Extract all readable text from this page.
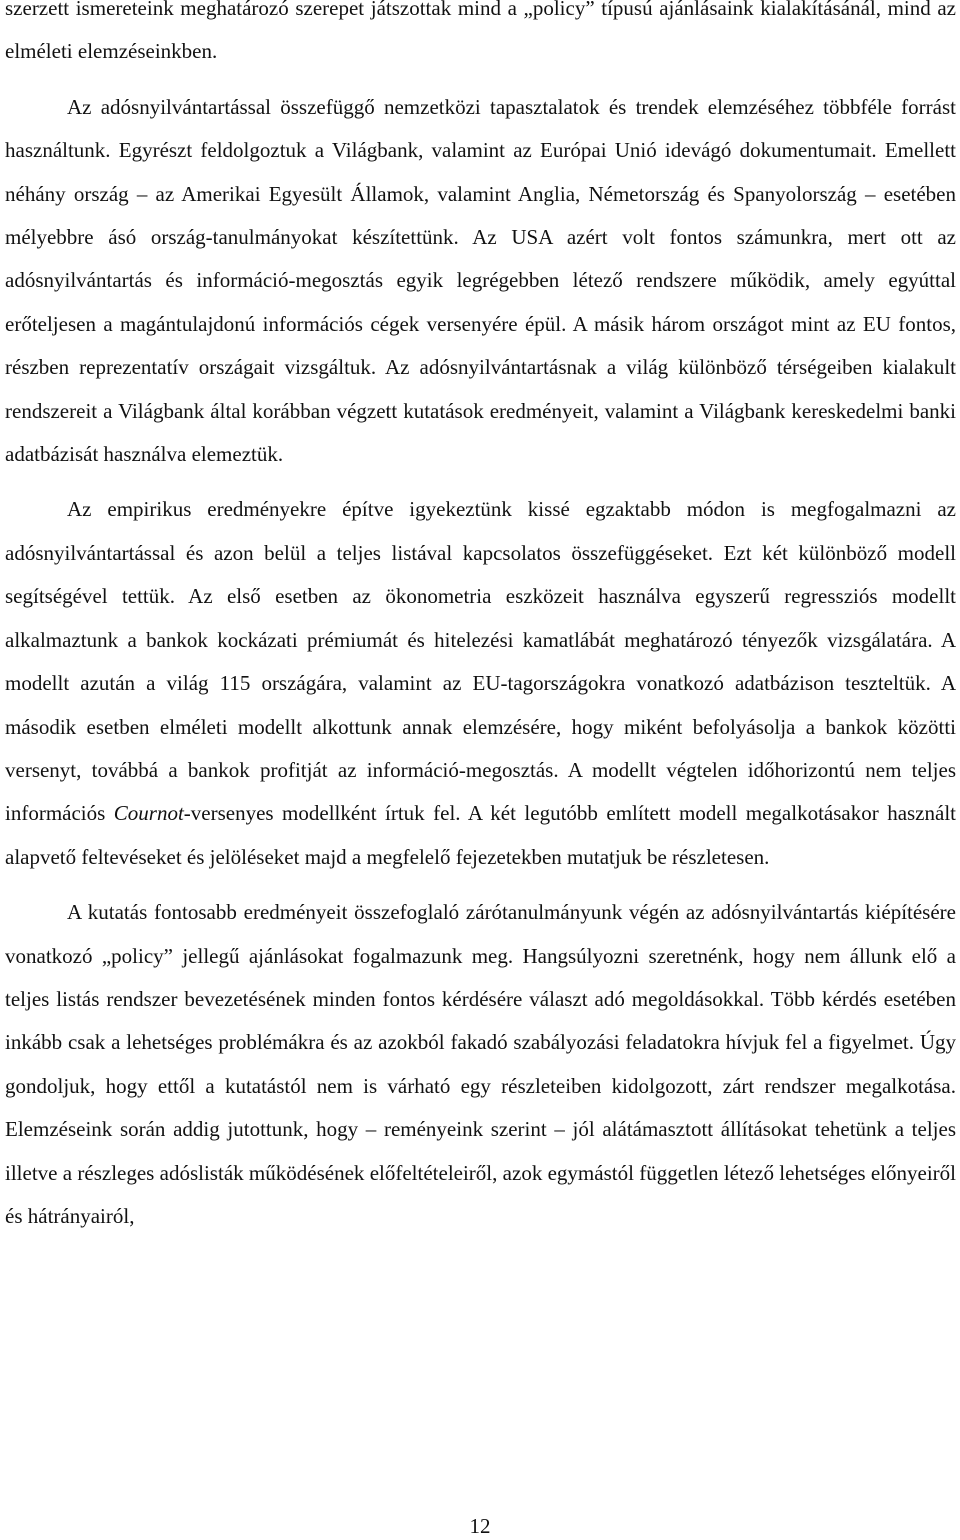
szerzett ismereteink meghatározó szerepet játszottak mind a „policy” típusú ajánlásaink kialakításánál, mind az elméleti elemzéseinkben.

Az adósnyilvántartással összefüggő nemzetközi tapasztalatok és trendek elemzéséhez többféle forrást használtunk. Egyrészt feldolgoztuk a Világbank, valamint az Európai Unió idevágó dokumentumait. Emellett néhány ország – az Amerikai Egyesült Államok, valamint Anglia, Németország és Spanyolország – esetében mélyebbre ásó ország-tanulmányokat készítettünk. Az USA azért volt fontos számunkra, mert ott az adósnyilvántartás és információ-megosztás egyik legrégebben létező rendszere működik, amely egyúttal erőteljesen a magántulajdonú információs cégek versenyére épül. A másik három országot mint az EU fontos, részben reprezentatív országait vizsgáltuk. Az adósnyilvántartásnak a világ különböző térségeiben kialakult rendszereit a Világbank által korábban végzett kutatások eredményeit, valamint a Világbank kereskedelmi banki adatbázisát használva elemeztük.

Az empirikus eredményekre építve igyekeztünk kissé egzaktabb módon is megfogalmazni az adósnyilvántartással és azon belül a teljes listával kapcsolatos összefüggéseket. Ezt két különböző modell segítségével tettük. Az első esetben az ökonometria eszközeit használva egyszerű regressziós modellt alkalmaztunk a bankok kockázati prémiumát és hitelezési kamatlábát meghatározó tényezők vizsgálatára. A modellt azután a világ 115 országára, valamint az EU-tagországokra vonatkozó adatbázison teszteltük. A második esetben elméleti modellt alkottunk annak elemzésére, hogy miként befolyásolja a bankok közötti versenyt, továbbá a bankok profitját az információ-megosztás. A modellt végtelen időhorizontú nem teljes információs Cournot-versenyes modellként írtuk fel. A két legutóbb említett modell megalkotásakor használt alapvető feltevéseket és jelöléseket majd a megfelelő fejezetekben mutatjuk be részletesen.

A kutatás fontosabb eredményeit összefoglaló zárótanulmányunk végén az adósnyilvántartás kiépítésére vonatkozó „policy” jellegű ajánlásokat fogalmazunk meg. Hangsúlyozni szeretnénk, hogy nem állunk elő a teljes listás rendszer bevezetésének minden fontos kérdésére választ adó megoldásokkal. Több kérdés esetében inkább csak a lehetséges problémákra és az azokból fakadó szabályozási feladatokra hívjuk fel a figyelmet. Úgy gondoljuk, hogy ettől a kutatástól nem is várható egy részleteiben kidolgozott, zárt rendszer megalkotása. Elemzéseink során addig jutottunk, hogy – reményeink szerint – jól alátámasztott állításokat tehetünk a teljes illetve a részleges adóslisták működésének előfeltételeiről, azok egymástól független létező lehetséges előnyeiről és hátrányairól,

12
